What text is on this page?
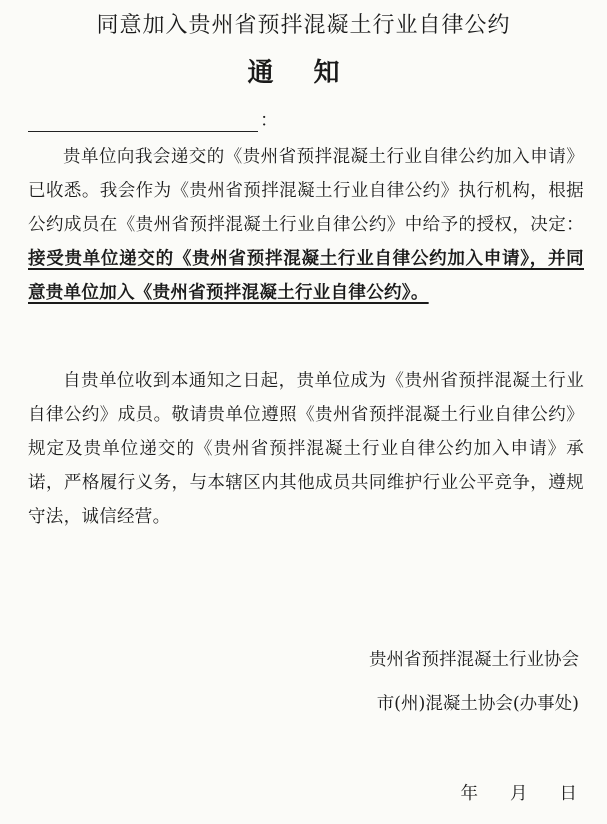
同意加入贵州省预拌混凝土行业自律公约
通知
：
贵单位向我会递交的《贵州省预拌混凝土行业自律公约加入申请》已收悉。我会作为《贵州省预拌混凝土行业自律公约》执行机构，根据公约成员在《贵州省预拌混凝土行业自律公约》中给予的授权，决定：接受贵单位递交的《贵州省预拌混凝土行业自律公约加入申请》，并同意贵单位加入《贵州省预拌混凝土行业自律公约》。
自贵单位收到本通知之日起，贵单位成为《贵州省预拌混凝土行业自律公约》成员。敬请贵单位遵照《贵州省预拌混凝土行业自律公约》规定及贵单位递交的《贵州省预拌混凝土行业自律公约加入申请》承诺，严格履行义务，与本辖区内其他成员共同维护行业公平竞争，遵规守法，诚信经营。
贵州省预拌混凝土行业协会
市(州)混凝土协会(办事处)
年 月 日
